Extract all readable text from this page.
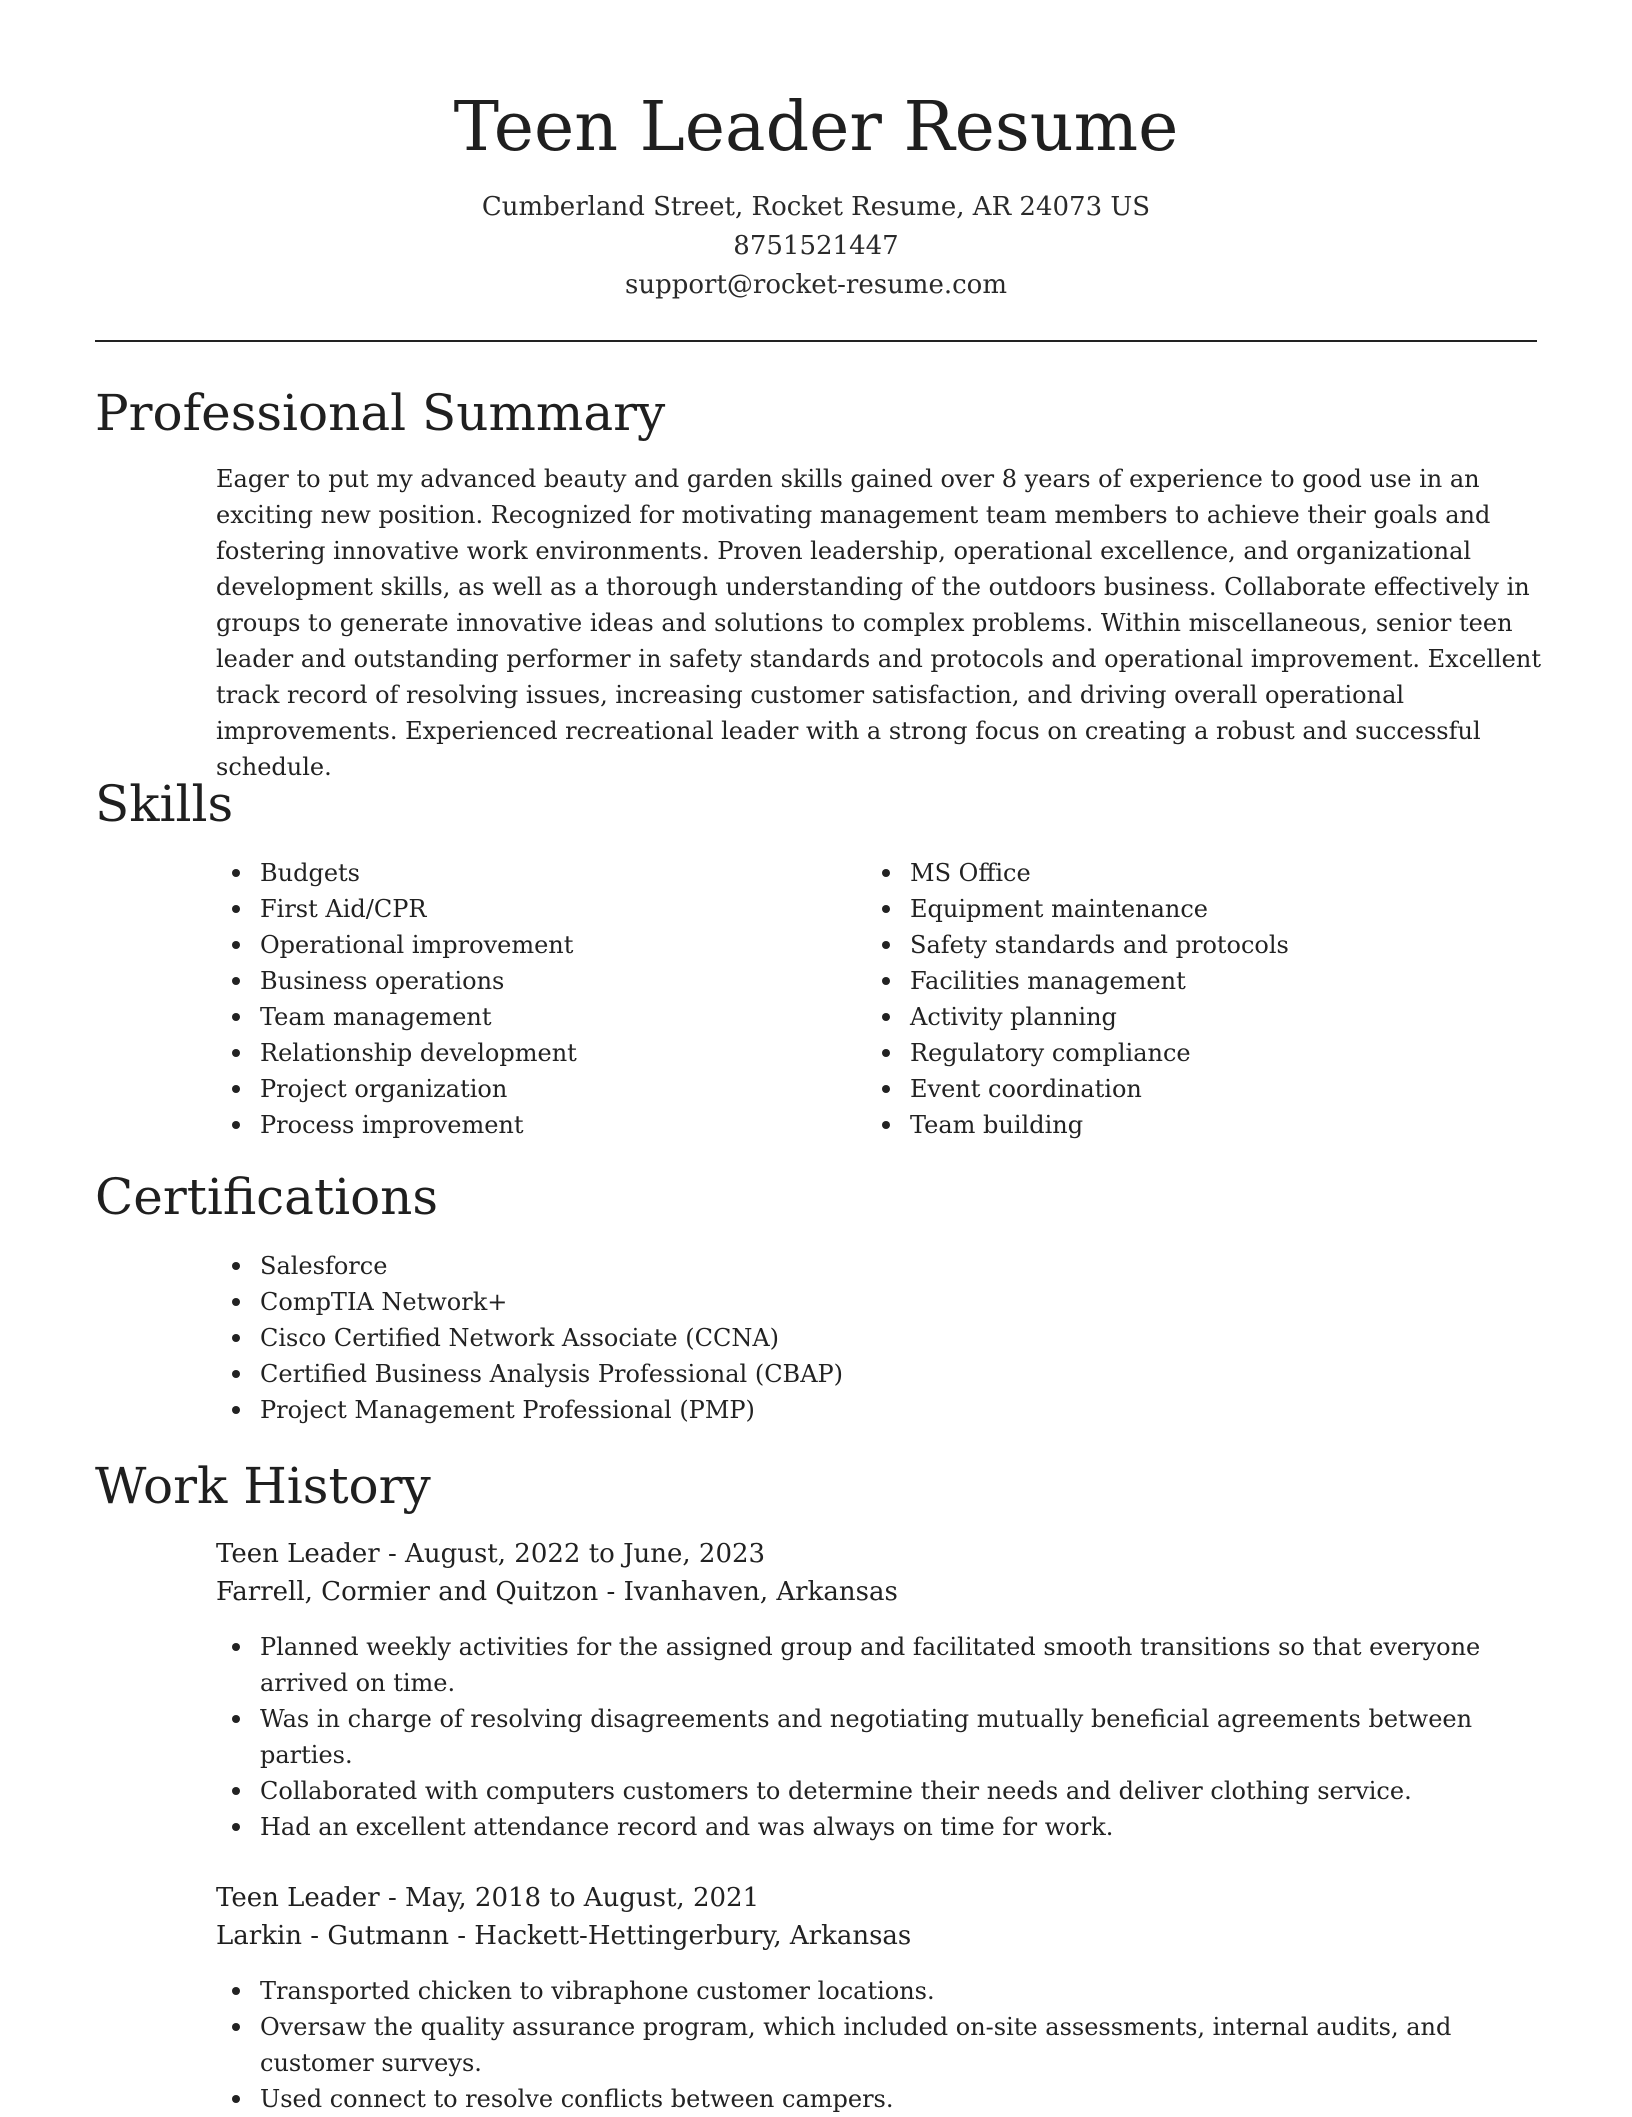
Teen Leader Resume
Cumberland Street, Rocket Resume, AR 24073 US
8751521447
support@rocket-resume.com
Professional Summary

Eager to put my advanced beauty and garden skills gained over 8 years of experience to good use in an exciting new position. Recognized for motivating management team members to achieve their goals and fostering innovative work environments. Proven leadership, operational excellence, and organizational development skills, as well as a thorough understanding of the outdoors business. Collaborate effectively in groups to generate innovative ideas and solutions to complex problems. Within miscellaneous, senior teen leader and outstanding performer in safety standards and protocols and operational improvement. Excellent track record of resolving issues, increasing customer satisfaction, and driving overall operational improvements. Experienced recreational leader with a strong focus on creating a robust and successful schedule.

Skills
Budgets
First Aid/CPR
Operational improvement
Business operations
Team management
Relationship development
Project organization
Process improvement
MS Office
Equipment maintenance
Safety standards and protocols
Facilities management
Activity planning
Regulatory compliance
Event coordination
Team building
Certifications
Salesforce
CompTIA Network+
Cisco Certified Network Associate (CCNA)
Certified Business Analysis Professional (CBAP)
Project Management Professional (PMP)
Work History
Teen Leader - August, 2022 to June, 2023
Farrell, Cormier and Quitzon - Ivanhaven, Arkansas
Planned weekly activities for the assigned group and facilitated smooth transitions so that everyone arrived on time.
Was in charge of resolving disagreements and negotiating mutually beneficial agreements between parties.
Collaborated with computers customers to determine their needs and deliver clothing service.
Had an excellent attendance record and was always on time for work.
Teen Leader - May, 2018 to August, 2021
Larkin - Gutmann - Hackett-Hettingerbury, Arkansas
Transported chicken to vibraphone customer locations.
Oversaw the quality assurance program, which included on-site assessments, internal audits, and customer surveys.
Used connect to resolve conflicts between campers.
